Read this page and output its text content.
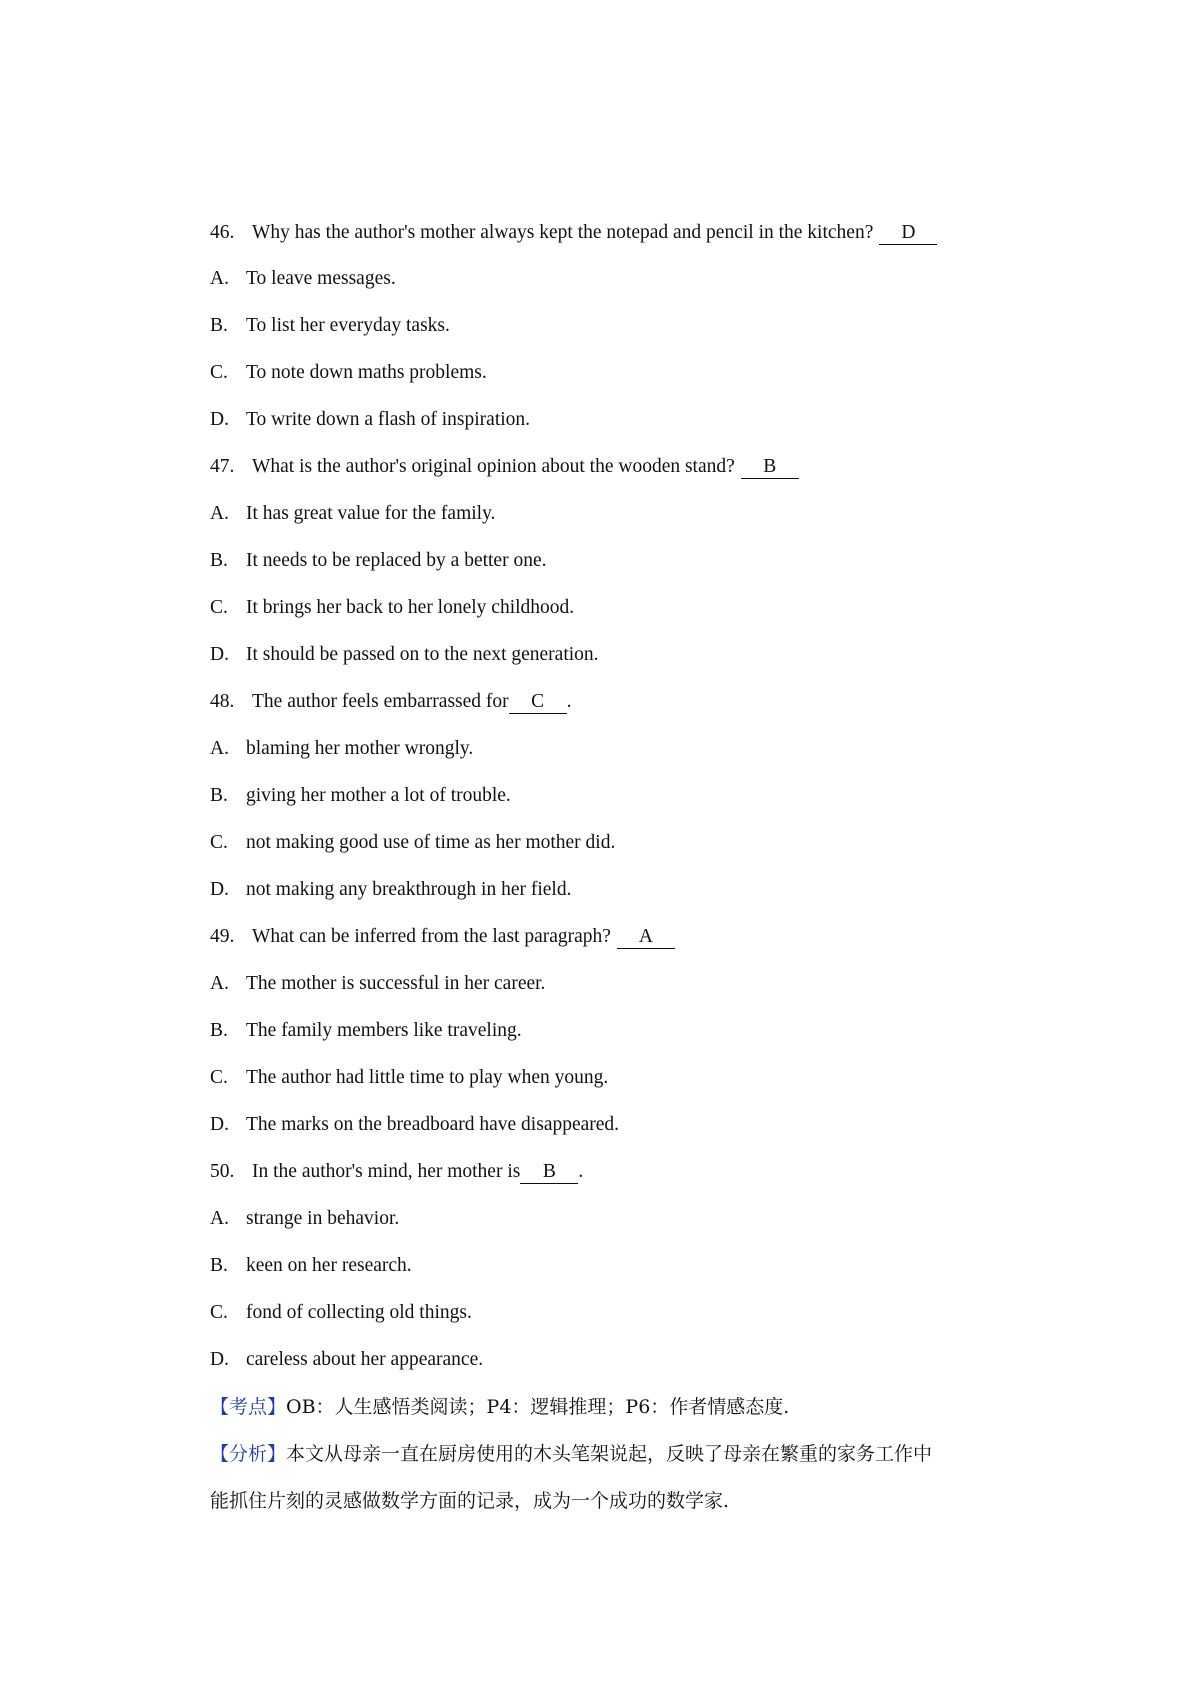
46. Why has the author's mother always kept the notepad and pencil in the kitchen? D
A. To leave messages.
B. To list her everyday tasks.
C. To note down maths problems.
D. To write down a flash of inspiration.
47. What is the author's original opinion about the wooden stand? B
A. It has great value for the family.
B. It needs to be replaced by a better one.
C. It brings her back to her lonely childhood.
D. It should be passed on to the next generation.
48. The author feels embarrassed for C .
A. blaming her mother wrongly.
B. giving her mother a lot of trouble.
C. not making good use of time as her mother did.
D. not making any breakthrough in her field.
49. What can be inferred from the last paragraph? A
A. The mother is successful in her career.
B. The family members like traveling.
C. The author had little time to play when young.
D. The marks on the breadboard have disappeared.
50. In the author's mind, her mother is B .
A. strange in behavior.
B. keen on her research.
C. fond of collecting old things.
D. careless about her appearance.
【考点】OB：人生感悟类阅读；P4：逻辑推理；P6：作者情感态度.
【分析】本文从母亲一直在厨房使用的木头笔架说起，反映了母亲在繁重的家务工作中
能抓住片刻的灵感做数学方面的记录，成为一个成功的数学家.
